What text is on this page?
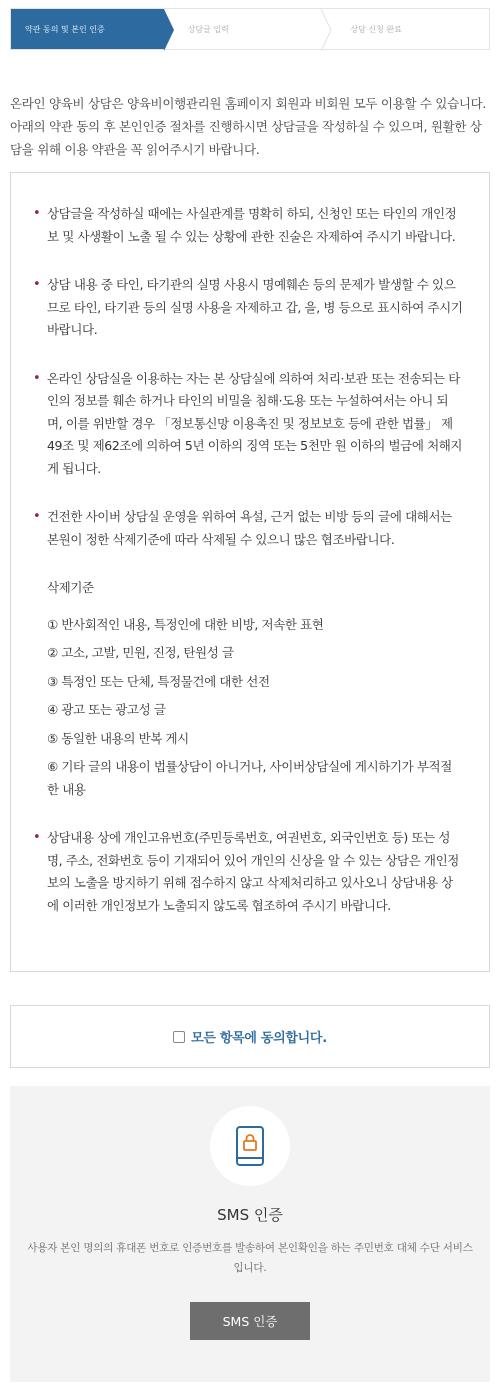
약관 동의 및 본인 인증	상담글 입력	상담 신청 완료

온라인 양육비 상담은 양육비이행관리원 홈페이지 회원과 비회원 모두 이용할 수 있습니다. 아래의 약관 동의 후 본인인증 절차를 진행하시면 상담글을 작성하실 수 있으며, 원활한 상담을 위해 이용 약관을 꼭 읽어주시기 바랍니다.

• 상담글을 작성하실 때에는 사실관계를 명확히 하되, 신청인 또는 타인의 개인정보 및 사생활이 노출 될 수 있는 상황에 관한 진술은 자제하여 주시기 바랍니다.
• 상담 내용 중 타인, 타기관의 실명 사용시 명예훼손 등의 문제가 발생할 수 있으므로 타인, 타기관 등의 실명 사용을 자제하고 갑, 을, 병 등으로 표시하여 주시기 바랍니다.
• 온라인 상담실을 이용하는 자는 본 상담실에 의하여 처리·보관 또는 전송되는 타인의 정보를 훼손 하거나 타인의 비밀을 침해·도용 또는 누설하여서는 아니 되며, 이를 위반할 경우 「정보통신망 이용촉진 및 정보보호 등에 관한 법률」 제49조 및 제62조에 의하여 5년 이하의 징역 또는 5천만 원 이하의 벌금에 처해지게 됩니다.
• 건전한 사이버 상담실 운영을 위하여 욕설, 근거 없는 비방 등의 글에 대해서는 본원이 정한 삭제기준에 따라 삭제될 수 있으니 많은 협조바랍니다.
삭제기준
① 반사회적인 내용, 특정인에 대한 비방, 저속한 표현
② 고소, 고발, 민원, 진정, 탄원성 글
③ 특정인 또는 단체, 특정물건에 대한 선전
④ 광고 또는 광고성 글
⑤ 동일한 내용의 반복 게시
⑥ 기타 글의 내용이 법률상담이 아니거나, 사이버상담실에 게시하기가 부적절한 내용
• 상담내용 상에 개인고유번호(주민등록번호, 여권번호, 외국인번호 등) 또는 성명, 주소, 전화번호 등이 기재되어 있어 개인의 신상을 알 수 있는 상담은 개인정보의 노출을 방지하기 위해 접수하지 않고 삭제처리하고 있사오니 상담내용 상에 이러한 개인정보가 노출되지 않도록 협조하여 주시기 바랍니다.
모든 항목에 동의합니다.
SMS 인증

사용자 본인 명의의 휴대폰 번호로 인증번호를 발송하여 본인확인을 하는 주민번호 대체 수단 서비스입니다.

SMS 인증
